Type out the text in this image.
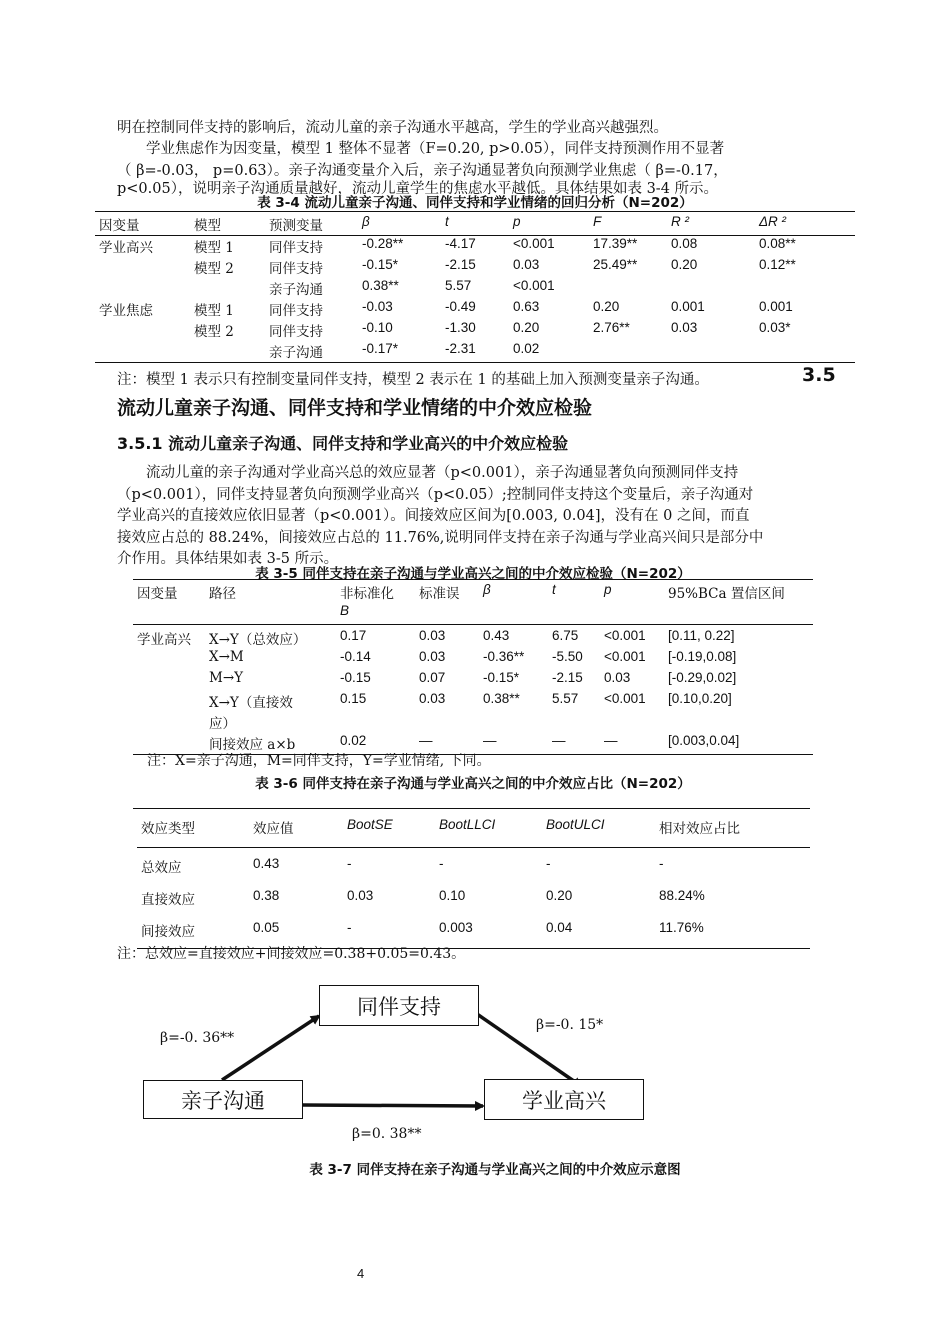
明在控制同伴支持的影响后，流动儿童的亲子沟通水平越高，学生的学业高兴越强烈。
　　学业焦虑作为因变量，模型 1 整体不显著（F=0.20, p>0.05），同伴支持预测作用不显著
（ β=-0.03， p=0.63）。亲子沟通变量介入后，亲子沟通显著负向预测学业焦虑（ β=-0.17，
p<0.05），说明亲子沟通质量越好，流动儿童学生的焦虑水平越低。具体结果如表 3-4 所示。
表 3-4 流动儿童亲子沟通、同伴支持和学业情绪的回归分析（N=202）
因变量	模型	预测变量	β	t	p	F	R ²	ΔR ²
学业高兴	模型 1	同伴支持	-0.28**	-4.17	<0.001	17.39**	0.08	0.08**
	模型 2	同伴支持	-0.15*	-2.15	0.03	25.49**	0.20	0.12**
		亲子沟通	0.38**	5.57	<0.001			
学业焦虑	模型 1	同伴支持	-0.03	-0.49	0.63	0.20	0.001	0.001
	模型 2	同伴支持	-0.10	-1.30	0.20	2.76**	0.03	0.03*
		亲子沟通	-0.17*	-2.31	0.02			
注：模型 1 表示只有控制变量同伴支持，模型 2 表示在 1 的基础上加入预测变量亲子沟通。	3.5
流动儿童亲子沟通、同伴支持和学业情绪的中介效应检验
3.5.1 流动儿童亲子沟通、同伴支持和学业高兴的中介效应检验
　　流动儿童的亲子沟通对学业高兴总的效应显著（p<0.001），亲子沟通显著负向预测同伴支持
（p<0.001），同伴支持显著负向预测学业高兴（p<0.05）;控制同伴支持这个变量后，亲子沟通对
学业高兴的直接效应依旧显著（p<0.001）。间接效应区间为[0.003, 0.04]，没有在 0 之间，而直
接效应占总的 88.24%，间接效应占总的 11.76%,说明同伴支持在亲子沟通与学业高兴间只是部分中
介作用。具体结果如表 3-5 所示。
表 3-5 同伴支持在亲子沟通与学业高兴之间的中介效应检验（N=202）
因变量	路径	非标准化	标准误	β	t	p	95%BCa 置信区间
		B					
学业高兴	X→Y（总效应）	0.17	0.03	0.43	6.75	<0.001	[0.11, 0.22]
	X→M	-0.14	0.03	-0.36**	-5.50	<0.001	[-0.19,0.08]
	M→Y	-0.15	0.07	-0.15*	-2.15	0.03	[-0.29,0.02]
	X→Y（直接效	0.15	0.03	0.38**	5.57	<0.001	[0.10,0.20]
	应）						
	间接效应 a×b	0.02	—	—	—	—	[0.003,0.04]
注：X=亲子沟通，M=同伴支持，Y=学业情绪, 下同。
表 3-6 同伴支持在亲子沟通与学业高兴之间的中介效应占比（N=202）
效应类型	效应值	BootSE	BootLLCI	BootULCI	相对效应占比
总效应	0.43	-	-	-	-
直接效应	0.38	0.03	0.10	0.20	88.24%
间接效应	0.05	-	0.003	0.04	11.76%
注：总效应=直接效应+间接效应=0.38+0.05=0.43。
同伴支持
亲子沟通	学业高兴
β=-0. 36**
β=-0. 15*
β=0. 38**
表 3-7 同伴支持在亲子沟通与学业高兴之间的中介效应示意图
4
